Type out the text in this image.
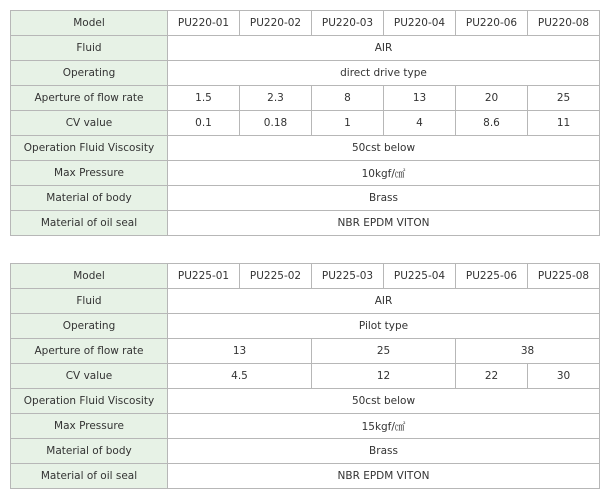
Model	PU220-01	PU220-02	PU220-03	PU220-04	PU220-06	PU220-08
Fluid	AIR					
Operating	direct drive type					
Aperture of flow rate	1.5	2.3	8	13	20	25
CV value	0.1	0.18	1	4	8.6	11
Operation Fluid Viscosity	50cst below					
Max Pressure	10kgf/㎠					
Material of body	Brass					
Material of oil seal	NBR EPDM VITON					
Model	PU225-01	PU225-02	PU225-03	PU225-04	PU225-06	PU225-08
Fluid	AIR					
Operating	Pilot type					
Aperture of flow rate	13		25		38	
CV value	4.5		12		22	30
Operation Fluid Viscosity	50cst below					
Max Pressure	15kgf/㎠					
Material of body	Brass					
Material of oil seal	NBR EPDM VITON					
